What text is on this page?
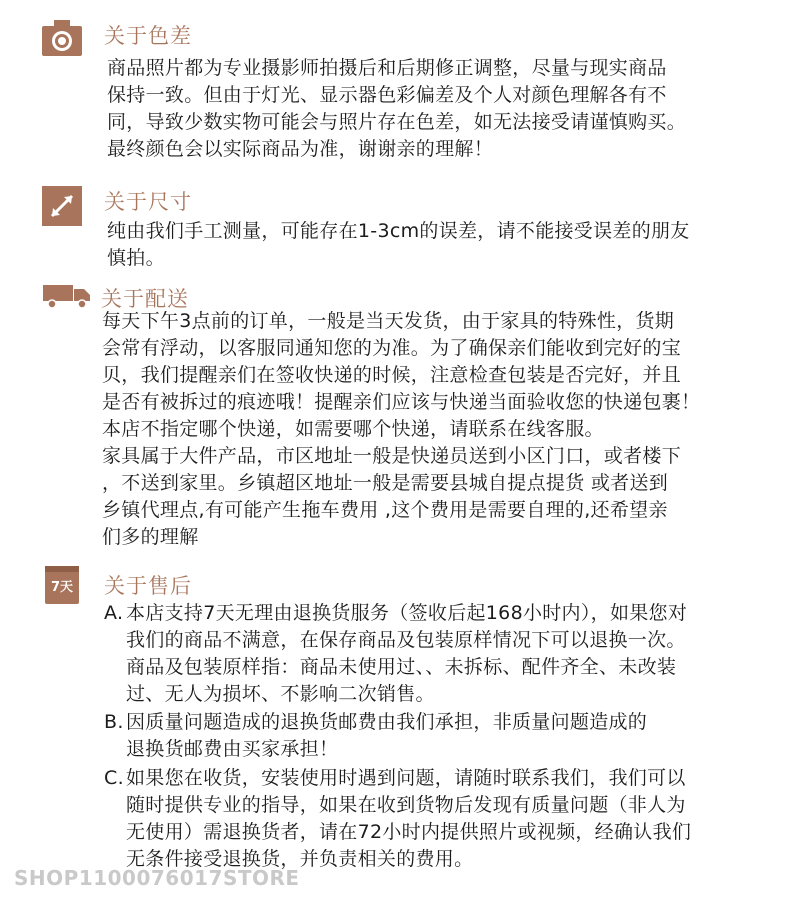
关于色差
商品照片都为专业摄影师拍摄后和后期修正调整，尽量与现实商品
保持一致。但由于灯光、显示器色彩偏差及个人对颜色理解各有不
同，导致少数实物可能会与照片存在色差，如无法接受请谨慎购买。
最终颜色会以实际商品为准，谢谢亲的理解！
关于尺寸
纯由我们手工测量，可能存在1-3cm的误差，请不能接受误差的朋友
慎拍。
关于配送
每天下午3点前的订单，一般是当天发货，由于家具的特殊性，货期
会常有浮动，以客服同通知您的为准。为了确保亲们能收到完好的宝
贝，我们提醒亲们在签收快递的时候，注意检查包装是否完好，并且
是否有被拆过的痕迹哦！提醒亲们应该与快递当面验收您的快递包裹！
本店不指定哪个快递，如需要哪个快递，请联系在线客服。
家具属于大件产品，市区地址一般是快递员送到小区门口，或者楼下
，不送到家里。乡镇超区地址一般是需要县城自提点提货 或者送到
乡镇代理点,有可能产生拖车费用 ,这个费用是需要自理的,还希望亲
们多的理解
7天 关于售后
A. 本店支持7天无理由退换货服务（签收后起168小时内），如果您对
我们的商品不满意，在保存商品及包装原样情况下可以退换一次。
商品及包装原样指：商品未使用过、、未拆标、配件齐全、未改装
过、无人为损坏、不影响二次销售。
B. 因质量问题造成的退换货邮费由我们承担，非质量问题造成的
退换货邮费由买家承担！
C. 如果您在收货，安装使用时遇到问题，请随时联系我们，我们可以
随时提供专业的指导，如果在收到货物后发现有质量问题（非人为
无使用）需退换货者，请在72小时内提供照片或视频，经确认我们
无条件接受退换货，并负责相关的费用。
SHOP1100076017STORE
